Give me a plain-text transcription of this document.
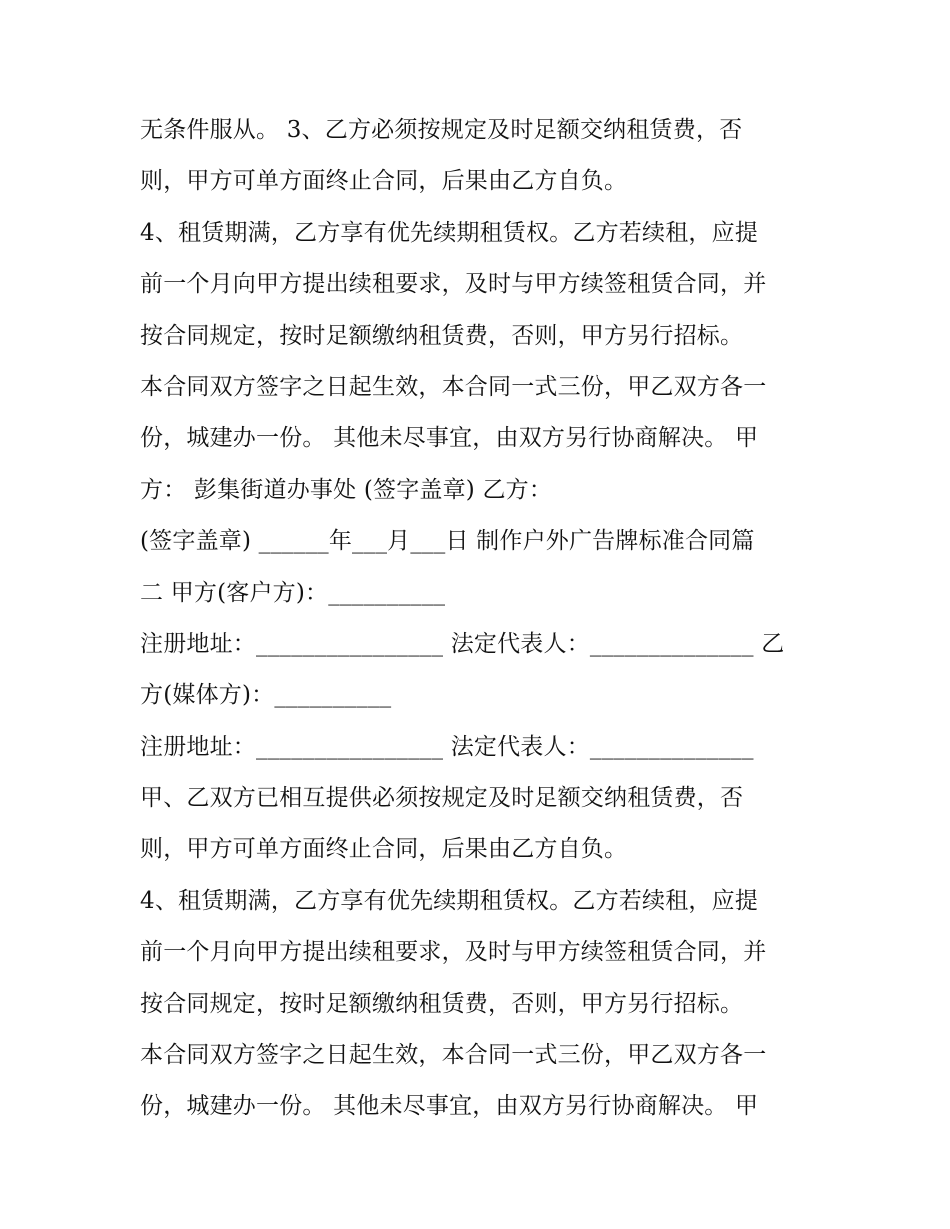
无条件服从。 3、乙方必须按规定及时足额交纳租赁费，否
则，甲方可单方面终止合同，后果由乙方自负。
4、租赁期满，乙方享有优先续期租赁权。乙方若续租，应提
前一个月向甲方提出续租要求，及时与甲方续签租赁合同，并
按合同规定，按时足额缴纳租赁费，否则，甲方另行招标。
本合同双方签字之日起生效，本合同一式三份，甲乙双方各一
份，城建办一份。 其他未尽事宜，由双方另行协商解决。 甲
方： 彭集街道办事处 (签字盖章) 乙方：
(签字盖章) ______年___月___日 制作户外广告牌标准合同篇
二 甲方(客户方)：__________
注册地址：________________ 法定代表人：______________ 乙
方(媒体方)：__________
注册地址：________________ 法定代表人：______________
甲、乙双方已相互提供必须按规定及时足额交纳租赁费，否
则，甲方可单方面终止合同，后果由乙方自负。
4、租赁期满，乙方享有优先续期租赁权。乙方若续租，应提
前一个月向甲方提出续租要求，及时与甲方续签租赁合同，并
按合同规定，按时足额缴纳租赁费，否则，甲方另行招标。
本合同双方签字之日起生效，本合同一式三份，甲乙双方各一
份，城建办一份。 其他未尽事宜，由双方另行协商解决。 甲
